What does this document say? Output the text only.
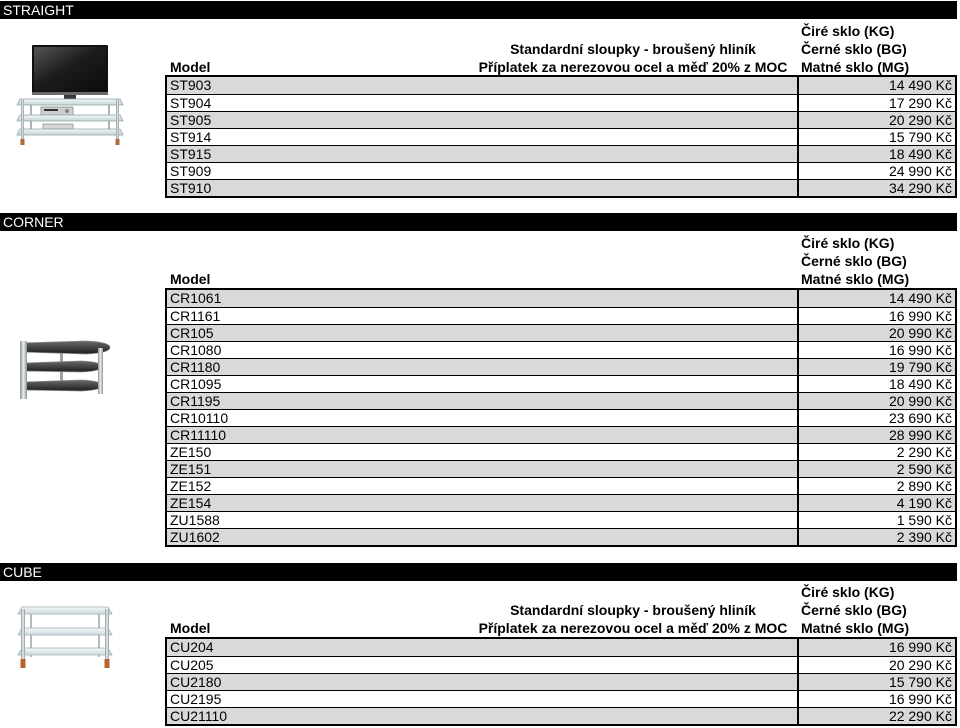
STRAIGHT
Standardní sloupky - broušený hliník
Příplatek za nerezovou ocel a měď 20% z MOC
Model
Čiré sklo (KG)
Černé sklo (BG)
Matné sklo (MG)
ST903	14 490 Kč
ST904	17 290 Kč
ST905	20 290 Kč
ST914	15 790 Kč
ST915	18 490 Kč
ST909	24 990 Kč
ST910	34 290 Kč
CORNER
Model
Čiré sklo (KG)
Černé sklo (BG)
Matné sklo (MG)
CR1061	14 490 Kč
CR1161	16 990 Kč
CR105	20 990 Kč
CR1080	16 990 Kč
CR1180	19 790 Kč
CR1095	18 490 Kč
CR1195	20 990 Kč
CR10110	23 690 Kč
CR11110	28 990 Kč
ZE150	2 290 Kč
ZE151	2 590 Kč
ZE152	2 890 Kč
ZE154	4 190 Kč
ZU1588	1 590 Kč
ZU1602	2 390 Kč
CUBE
Standardní sloupky - broušený hliník
Příplatek za nerezovou ocel a měď 20% z MOC
Model
Čiré sklo (KG)
Černé sklo (BG)
Matné sklo (MG)
CU204	16 990 Kč
CU205	20 290 Kč
CU2180	15 790 Kč
CU2195	16 990 Kč
CU21110	22 290 Kč
